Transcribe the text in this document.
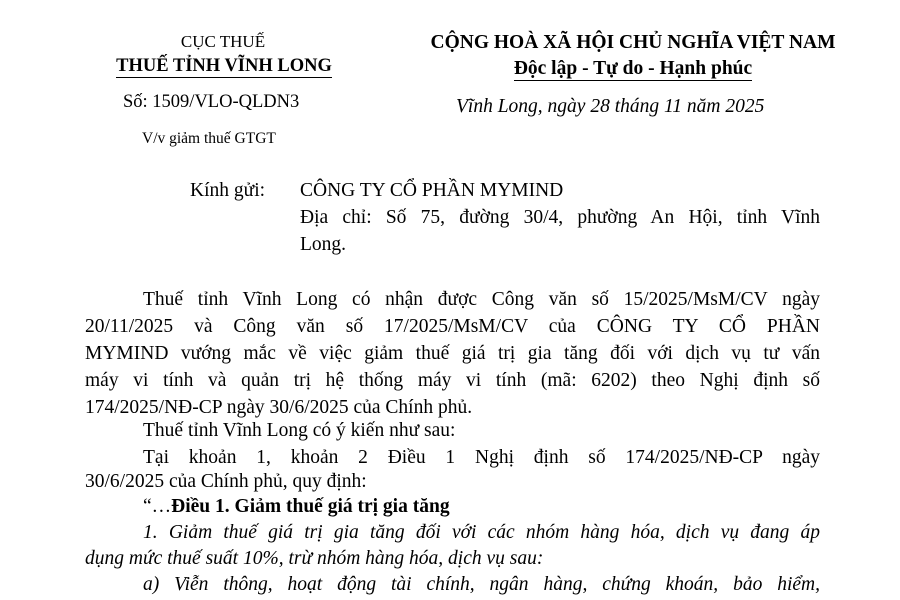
CỤC THUẾ
THUẾ TỈNH VĨNH LONG
Số: 1509/VLO-QLDN3
V/v giảm thuế GTGT
CỘNG HOÀ XÃ HỘI CHỦ NGHĨA VIỆT NAM
Độc lập - Tự do - Hạnh phúc
Vĩnh Long, ngày 28 tháng 11 năm 2025
Kính gửi: CÔNG TY CỔ PHẦN MYMIND
Địa chỉ: Số 75, đường 30/4, phường An Hội, tỉnh Vĩnh
Long.
Thuế tỉnh Vĩnh Long có nhận được Công văn số 15/2025/MsM/CV ngày
20/11/2025 và Công văn số 17/2025/MsM/CV của CÔNG TY CỔ PHẦN
MYMIND vướng mắc về việc giảm thuế giá trị gia tăng đối với dịch vụ tư vấn
máy vi tính và quản trị hệ thống máy vi tính (mã: 6202) theo Nghị định số
174/2025/NĐ-CP ngày 30/6/2025 của Chính phủ.
Thuế tỉnh Vĩnh Long có ý kiến như sau:
Tại khoản 1, khoản 2 Điều 1 Nghị định số 174/2025/NĐ-CP ngày
30/6/2025 của Chính phủ, quy định:
“…Điều 1. Giảm thuế giá trị gia tăng
1. Giảm thuế giá trị gia tăng đối với các nhóm hàng hóa, dịch vụ đang áp
dụng mức thuế suất 10%, trừ nhóm hàng hóa, dịch vụ sau:
a) Viễn thông, hoạt động tài chính, ngân hàng, chứng khoán, bảo hiểm,
